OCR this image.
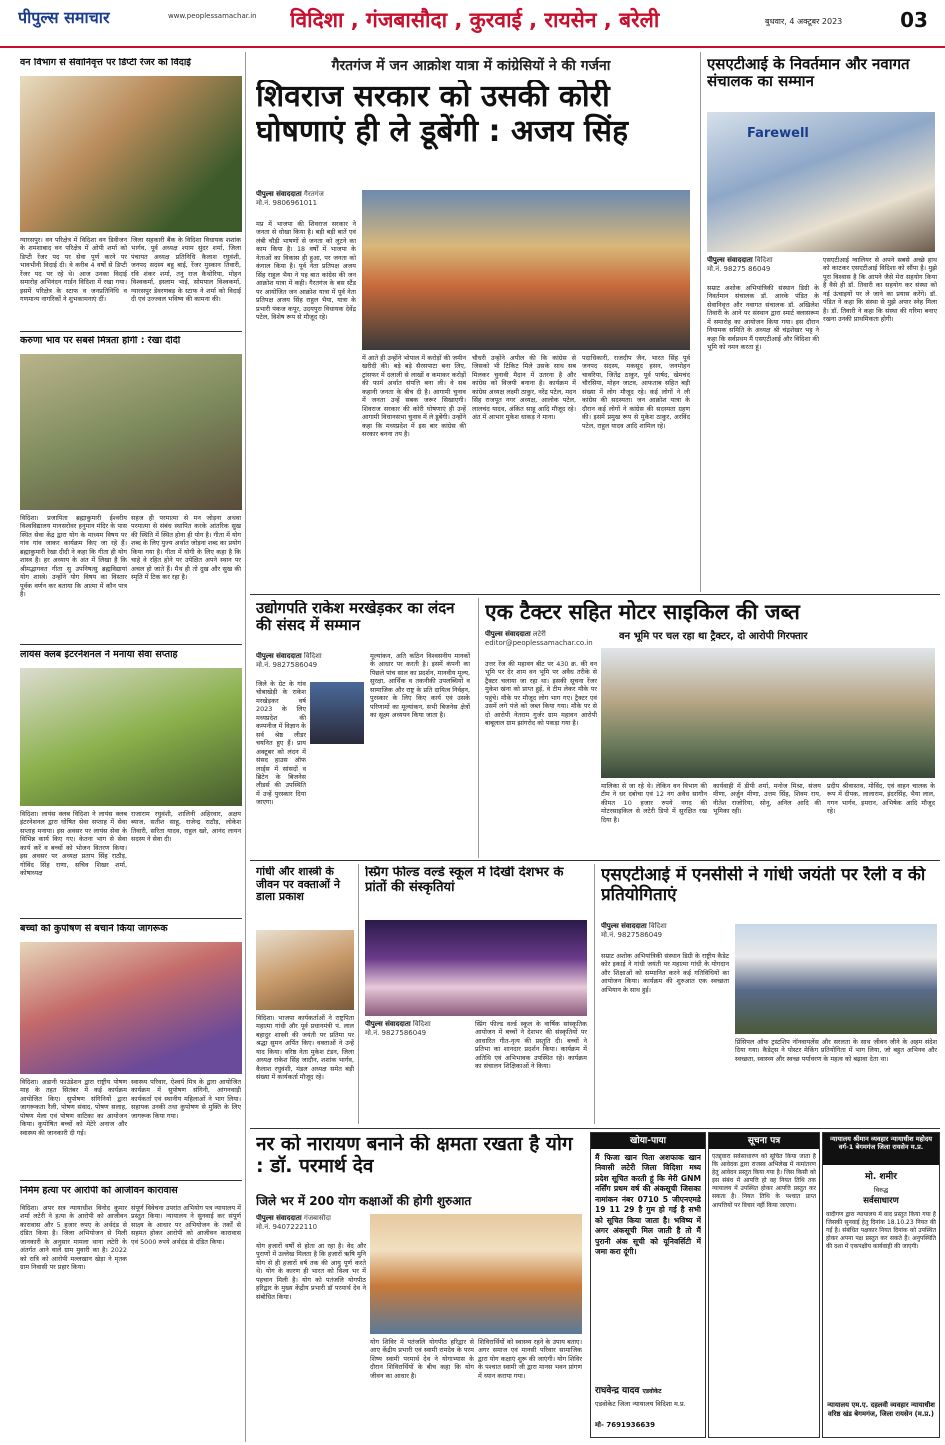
पीपुल्स समाचार	www.peoplessamachar.in	विदिशा , गंजबासौदा , कुरवाई , रायसेन , बरेली	बुधवार, 4 अक्टूबर 2023	03
वन विभाग से सेवानिवृत्त पर डिप्टी रेंजर को विदाई
ग्यारसपुर। वन परिक्षेत्र में विदिशा वन डिवीजन के शमशाबाद वन परिक्षेत्र में ओपी शर्मा को डिप्टी रेंजर पद पर सेवा पूर्ण करने पर भावभीनी विदाई दी। वे करीब 4 वर्षों से डिप्टी रेंजर पद पर रहे थे। आज उनका विदाई समारोह अभिनंदन गार्डन विदिशा में रखा गया। इसमें परिक्षेत्र के स्टाफ व जनप्रतिनिधि व गणमान्य नागरिकों ने शुभकामनाएं दीं।
जिला सहकारी बैंक के विदिशा विधायक शशांक भार्गव, पूर्व अध्यक्ष श्याम सुंदर शर्मा, जिला पंचायत अध्यक्ष प्रतिनिधि कैलाश रघुवंशी, जनपद सदस्य बहु बाई, रेंजर मुस्कान तिवारी, रवि शंकर शर्मा, तनु राज कैथोरिया, मोहन विश्वकर्मा, इस्लाम भाई, सोमपाल विश्वकर्मा, ग्यारसपुर डेवरणबड़ के स्टाफ ने शर्मा को विदाई दी एवं उज्ज्वल भविष्य की कामना की।
करुणा भाव पर सबसे मित्रता होगी : रेखा दीदी
विदिशा। प्रजापिता ब्रह्माकुमारी ईश्वरीय विश्वविद्यालय मानसरोवर हनुमान मंदिर के पास स्थित सेवा केंद्र द्वारा योग के माध्यम विषय पर गांव गांव जाकर कार्यक्रम किए जा रहे हैं। ब्रह्माकुमारी रेखा दीदी ने कहा कि गीता ही योग शास्त्र है। हर अध्याय के अंत में लिखा है कि श्रीमद्भागवत गीता सु उपनिषत्सु ब्रह्मविद्यायां योग शास्त्रे। उन्होंने योग विषय का विस्तार पूर्वक वर्णन कर बताया कि आत्मा में कौन पात्र है।
सहज ही परमात्मा से मन जोड़ना अथवा परमात्मा से संबंध स्थापित करके आंतरिक सुख की स्थिति में स्थित होना ही योग है। गीता में योग शब्द के लिए युज्य अर्थात जोड़ना शब्द का प्रयोग किया गया है। गीता में योगी के लिए कहा है कि चाहे वे रहित होने पर उपेक्षित अपने स्थान पर अचल हो जाते हैं। मैथ ही तो दुख और सुख की स्मृति में टिक कर रहा है।
लायंस क्लब इंटरनेशनल ने मनाया सेवा सप्ताह
विदिशा। लायंस क्लब विदिशा ने लायंस क्लब इंटरनेशनल द्वारा घोषित सेवा सप्ताह में सेवा सप्ताह मनाया। इस अवसर पर लायंस सेवा के विभिन्न कार्य किए गए। केतना भाग से सेवा कार्य करें व बच्चों को भोजन वितरण किया। इस अवसर पर अध्यक्ष प्रताप सिंह राठौड़, गोविंद सिंह राणा, सचिव शिखर शर्मा, कोषाध्यक्ष
राजाराम रघुवंशी, शालिनी अहिरवार, अक्षय ब्याज, सतीश साहू, राजेन्द्र राठौड़, लोकेश तिवारी, सरिता यादव, राहुल खरे, आनंद लायन सदस्य ने सेवा दी।
बच्चों को कुपोषण से बचाने किया जागरूक
विदिशा। अडानी फाउंडेशन द्वारा राष्ट्रीय पोषण माह के तहत सितंबर में कई कार्यक्रम आयोजित किए। सुपोषण संगिनियों द्वारा जागरूकता रैली, पोषण संवाद, पोषण सलाह, पोषण मेला एवं पोषण वाटिका का आयोजन किया। कुपोषित बच्चों को मेटेरे अनाज और स्वास्थ्य की जानकारी दी गई।
स्वास्थ्य परिवार, ऐश्वर्य मित्र के द्वारा आयोजित कार्यक्रम में सुपोषण संगिनी, आंगनवाड़ी कार्यकर्ता एवं स्थानीय महिलाओं ने भाग लिया। सहायक उनकी तथा कुपोषण से मुक्ति के लिए जागरूक किया गया।
निर्मम हत्या पर आरोपी को आजीवन कारावास
विदिशा। अपर सत्र न्यायाधीश विनोद कुमार शर्मा लटेरी ने हत्या के आरोपी को आजीवन कारावास और 5 हजार रुपए के अर्थदंड से दंडित किया है। जिला अभियोजन से मिली जानकारी के अनुसार मामला थाना लटेरी के अंतर्गत आने वाले ग्राम मुवारी का है। 2022 को रात्रि को आरोपी मल्लखान खेड़ा ने मृतक ग्राम निवासी पर प्रहार किया।
संपूर्ण विवेचना उपरांत अभियोग पत्र न्यायालय में प्रस्तुत किया। न्यायालय ने सुनवाई कर संपूर्ण साक्ष्य के आधार पर अभियोजन के तर्कों से सहमत होकर आरोपी को आजीवन कारावास एवं 5000 रुपये अर्थदंड से दंडित किया।
गैरतगंज में जन आक्रोश यात्रा में कांग्रेसियों ने की गर्जना
शिवराज सरकार को उसकी कोरी घोषणाएं ही ले डूबेंगी : अजय सिंह
पीपुल्स संवाददाता गैरतगंज
मो.नं. 9806961011
मप्र में भाजपा की शिवराज सरकार ने जनता से धोखा किया है। बड़ी बड़ी बातें एवं लंबी चौड़ी भाषणों से जनता को लूटने का काम किया है। 18 वर्षों में भाजपा के नेताओं का विकास ही हुआ, पर जनता को कंगाल किया है। पूर्व नेता प्रतिपक्ष अजय सिंह राहुल भैया ने यह बात कांग्रेस की जन आक्रोश यात्रा में कही। गैरतगंज के बस स्टैंड पर आयोजित जन आक्रोश यात्रा में पूर्व नेता प्रतिपक्ष अजय सिंह राहुल भैया, यात्रा के प्रभारी पंकज कपूर, उदयपुरा विधायक देवेंद्र पटेल, विशेष रूप से मौजूद रहे।
में आते ही उन्होंने भोपाल में करोड़ों की जमीन खरीदी की। बड़े बड़े सैरसपाटा बना लिए, ट्रांसफर में दलाली से लाखों व कमाकर करोड़ों की फार्म अर्थात संपत्ति बना ली। वे सब कहानी जनता के बीच दी है। आगामी चुनाव में जनता उन्हें सबक जरूर सिखाएगी। शिवराज सरकार की कोरी घोषणाएं ही उन्हें आगामी विधानसभा चुनाव में ले डूबेंगी। उन्होंने कहा कि मध्यप्रदेश में इस बार कांग्रेस की सरकार बनना तय है।
चौधरी उन्होंने अपील की कि कांग्रेस से जिसको भी टिकिट मिले उसके साथ सब मिलकर चुनावी मैदान में उतरना है और कांग्रेस को विजयी बनाना है। कार्यक्रम में कांग्रेस अध्यक्ष लक्ष्मी ठाकुर, नरेंद्र पटेल, मदन सिंह राजपूत नगर अध्यक्ष, आलोक पटेल, लालचंद यादव, अंकित साहू आदि मौजूद रहे। अंत में आभार मुकेश धाकड़ ने माना।
पदाधिकारी, राजदीप जैन, भारत सिंह पूर्व जनपद सदस्य, मकसूद हसन, जनमोहन चावरिया, जितेंद्र ठाकुर, पूर्व पार्षद, खेमचंद चौरसिया, मोहन जाटव, आफताब सहित बड़ी संख्या में लोग मौजूद रहे। कई लोगों ने ली कांग्रेस की सदस्यता। जन आक्रोश यात्रा के दौरान कई लोगों ने कांग्रेस की सदस्यता ग्रहण की। इसमें प्रमुख रूप से मुकेश ठाकुर, अरविंद पटेल, राहुल यादव आदि शामिल रहे।
एसएटीआई के निवर्तमान और नवागत संचालक का सम्मान
Farewell
पीपुल्स संवाददाता विदिशा
मो.नं. 98275 86049
सम्राट अशोक अभियांत्रिकी संस्थान डिग्री के निवर्तमान संचालक डॉ. आरके पंडित के सेवानिवृत्त और नवागत संचालक डॉ. अखिलेश तिवारी के आने पर संस्थान द्वारा स्मार्ट क्लासरूम में समारोह का आयोजन किया गया। इस दौरान नियामक समिति के अध्यक्ष श्री चंद्रशेखर भट्ट ने कहा कि सर्वप्रथम मैं एसएटीआई और विदिशा की भूमि को नमन करता हूं।
एसएटीआई ग्वालियर से अपने सबसे अच्छे हाथ को काटकर एसएटीआई विदिशा को सौंपा है। मुझे पूरा विश्वास है कि आपने जैसे मेरा सहयोग किया है वैसे ही डॉ. तिवारी का सहयोग कर संस्था को नई ऊंचाइयों पर ले जाने का प्रयास करेंगे। डॉ. पंडित ने कहा कि संस्था से मुझे अपार स्नेह मिला है। डॉ. तिवारी ने कहा कि संस्था की गरिमा बनाए रखना उनकी प्राथमिकता होगी।
उद्योगपति राकेश मरखेड़कर का लंदन की संसद में सम्मान
पीपुल्स संवाददाता विदिशा
मो.नं. 9827586049
जिले के ग्रेट के गांव चोबाखेड़ी के राकेश मरखेड़कर वर्ष 2023 के लिए मध्यप्रदेश की कम्पनीज में विज्ञान के सर्व श्रेष्ठ लीडर चयनित हुए हैं। प्राय अक्टूबर को लंदन में संसद हाउस ऑफ लार्ड्स में सांसदों व ब्रिटेन के बिजनेस लीडर्स की उपस्थिति में उन्हें पुरस्कार दिया जाएगा।
मूल्यांकन, अति कठिन विश्वसनीय मानकों के आधार पर करती है। इसमें कंपनी का पिछले पांच साल का प्रदर्शन, मानवीय मूल्य, सुरक्षा, आर्थिक व तकनीकी उपलब्धियों व सामाजिक और राष्ट्र के प्रति दायित्व निर्वहन, पुरस्कार के लिए किए कार्य एवं उसके परिणामों का मूल्यांकन, सभी बिजनेस क्षेत्रों का सूक्ष्म अध्ययन किया जाता है।
एक टैक्टर सहित मोटर साइकिल की जब्त
वन भूमि पर चल रहा था ट्रैक्टर, दो आरोपी गिरफ्तार
पीपुल्स संवाददाता लटेरी
editor@peoplessamachar.co.in
उत्तर रेंज की महावन बीट पर 430 क्र. की वन भूमि पर देर शाम वन भूमि पर अवैध तरीके से ट्रैक्टर चलाया जा रहा था। इसकी सूचना रेंजर मुकेश खंना को प्राप्त हुई, वे टीम लेकर मौके पर पहुंचे। मौके पर मौजूद लोग भाग गए। ट्रैक्टर एवं उसमें लगे पंजे को जब्त किया गया। मौके पर से दो आरोपी नेतराम गुर्जर ग्राम महावन आरोपी बाबूलाल ग्राम झांगरोद को पकड़ा गया है।
मालिका से जा रहे थे। लेकिन वन विभाग की टीम ने धर दबोचा एवं 12 नग अवैध सागौन कीमत 10 हजार रुपये नगद की मोटरसाइकिल से लटेरी डिपो में सुरक्षित रख दिया है।
कार्यवाही में डीपी शर्मा, मनोज मिश्रा, संजय मीणा, अर्जुन मीणा, उत्तम सिंह, शिवम राय, नीतेश राजोरिया, सोनू, अनिल आदि की भूमिका रही।
प्रदीप श्रीवास्तव, मोविंद, एवं वाहन चालक के रूप में दीपक, लालाराम, इंदरसिंह, भैया लाल, गगन भार्गव, इमरान, अभिषेक आदि मौजूद रहे।
गांधी और शास्त्री के जीवन पर वक्ताओं ने डाला प्रकाश
विदिशा। भाजपा कार्यकर्ताओं ने राष्ट्रपिता महात्मा गांधी और पूर्व प्रधानमंत्री पं. लाल बहादुर शास्त्री की जयंती पर प्रतिमा पर श्रद्धा सुमन अर्पित किए। वक्ताओं ने उन्हें याद किया। वरिष्ठ नेता मुकेश टंडन, जिला अध्यक्ष राकेश सिंह जादौन, शशांक भार्गव, कैलाश रघुवंशी, मंडल अध्यक्ष समेत बड़ी संख्या में कार्यकर्ता मौजूद रहे।
स्प्रिंग फील्ड वर्ल्ड स्कूल में दिखीं देशभर के प्रांतों की संस्कृतियां
पीपुल्स संवाददाता विदिशा
मो.नं. 9827586049
स्प्रिंग फील्ड वर्ल्ड स्कूल के वार्षिक सांस्कृतिक आयोजन में बच्चों ने देशभर की संस्कृतियों पर आधारित गीत-नृत्य की प्रस्तुति दी। बच्चों ने प्रतिभा का शानदार प्रदर्शन किया। कार्यक्रम में अतिथि एवं अभिभावक उपस्थित रहे। कार्यक्रम का संचालन शिक्षिकाओं ने किया।
एसएटीआई में एनसीसी ने गांधी जयंती पर रैली व की प्रतियोगिताएं
पीपुल्स संवाददाता विदिशा
मो.नं. 9827586049
सम्राट अशोक अभियांत्रिकी संस्थान डिग्री के राष्ट्रीय कैडेट कोर इकाई ने गांधी जयंती पर महात्मा गांधी के योगदान और शिक्षाओं को सम्मानित करने कई गतिविधियों का आयोजन किया। कार्यक्रम की शुरुआत एक स्वच्छता अभियान के साथ हुई।
प्रिंसिपल ऑफ ट्रस्टशिप नॉनवायलेंस और सरलता के साथ जीवन जीने के अहम संदेश दिया गया। कैडेट्स ने पोस्टर मेकिंग प्रतियोगिता में भाग लिया, जो बहुत अभिनव और स्वच्छता, स्वास्थ्य और स्वच्छ पर्यावरण के महत्व को बढ़ावा देता था।
नर को नारायण बनाने की क्षमता रखता है योग : डॉ. परमार्थ देव
जिले भर में 200 योग कक्षाओं की होगी शुरुआत
पीपुल्स संवाददाता गंजबासौदा
मो.नं. 9407222110
योग हजारों वर्षों से होता आ रहा है। वेद और पुराणों में उल्लेख मिलता है कि हजारों ऋषि मुनि योग से ही हजारों वर्ष तक की आयु पूर्ण करते थे। योग के कारण ही भारत को विश्व भर में पहचान मिली है। योग को पतंजलि योगपीठ हरिद्वार के मुख्य केंद्रीय प्रभारी डॉ परमार्थ देव ने संबोधित किया।
योग शिविर में पतंजलि योगपीठ हरिद्वार से आए केंद्रीय प्रभारी एवं स्वामी रामदेव के परम शिष्य स्वामी परमार्थ देव ने योगाभ्यास के दौरान शिविरार्थियों के बीच कहा कि योग जीवन का आधार है।
शिविरार्थियों को स्वास्थ्य रहने के उपाय बताए। अगर समाज एवं मानसी परिवार सामाजिक द्वारा योग कक्षाएं शुरू की जाएंगी। योग शिविर के पश्चात स्वामी जी द्वारा मानस भवन प्रांगण में ध्यान कराया गया।
खोया-पाया
मैं फिजा खान पिता अशफाक खान निवासी लटेरी जिला विदिशा मध्य प्रदेश सूचित करती हूं कि मेरी GNM नर्सिंग प्रथम वर्ष की अंकसूची जिसका नामांकन नंबर 0710 5 जीएनएमडे 19 11 29 है गुम हो गई है सभी को सूचित किया जाता है। भविष्य में अगर अंकसूची मिल जाती है तो मैं पुरानी अंक सूची को यूनिवर्सिटी में जमा करा दूंगी।
राघवेन्द्र यादव एडवोकेट
एडवोकेट जिला न्यायालय विदिशा म.प्र.
मो- 7691936639
सूचना पत्र
एतद्द्वारा सर्वसाधारण को सूचित किया जाता है कि आवेदक द्वारा राजस्व अभिलेख में नामांतरण हेतु आवेदन प्रस्तुत किया गया है। जिस किसी को इस संबंध में आपत्ति हो वह नियत तिथि तक न्यायालय में उपस्थित होकर आपत्ति प्रस्तुत कर सकता है। नियत तिथि के पश्चात प्राप्त आपत्तियों पर विचार नहीं किया जाएगा।
न्यायालय श्रीमान व्यवहार न्यायाधीश महोदय वर्ग-1 बेगमगंज जिला रायसेन म.प्र.
मो. शमीर
विरुद्ध
सर्वसाधारण
वादीगण द्वारा न्यायालय में वाद प्रस्तुत किया गया है जिसकी सुनवाई हेतु दिनांक 18.10.23 नियत की गई है। संबंधित पक्षकार नियत दिनांक को उपस्थित होकर अपना पक्ष प्रस्तुत कर सकते हैं। अनुपस्थिति की दशा में एकपक्षीय कार्यवाही की जाएगी।
न्यायालय एम.ए. दहलवी व्यवहार न्यायाधीश वरिष्ठ खंड बेगमगंज, जिला रायसेन (म.प्र.)
